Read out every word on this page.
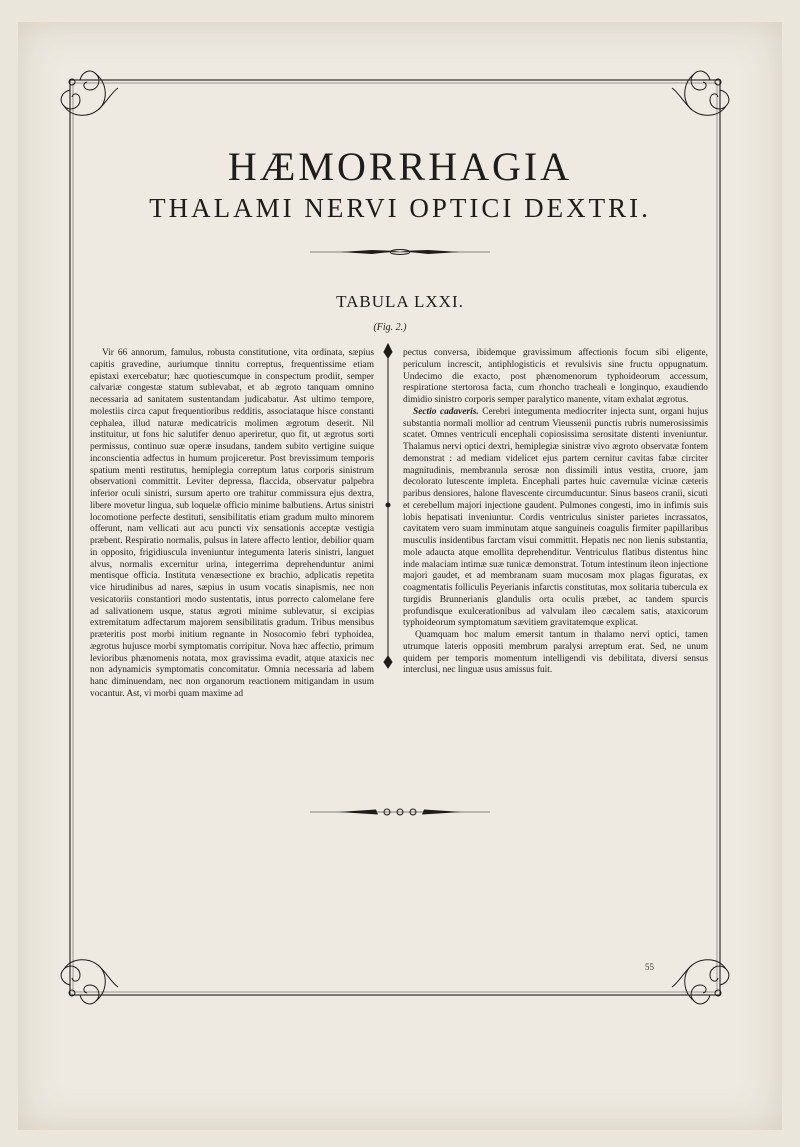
HÆMORRHAGIA
THALAMI NERVI OPTICI DEXTRI.
TABULA LXXI.
(Fig. 2.)

Vir 66 annorum, famulus, robusta constitutione, vita ordinata, sæpius capitis gravedine, auriumque tinnitu correptus, frequentissime etiam epistaxi exercebatur; hæc quotiescumque in conspectum prodiit, semper calvariæ congestæ statum sublevabat, et ab ægroto tanquam omnino necessaria ad sanitatem sustentandam judicabatur. Ast ultimo tempore, molestiis circa caput frequentioribus redditis, associataque hisce constanti cephalea, illud naturæ medicatricis molimen ægrotum deserit. Nil instituitur, ut fons hic salutifer denuo aperiretur, quo fit, ut ægrotus sorti permissus, continuo suæ operæ insudans, tandem subito vertigine suique inconscientia adfectus in humum projiceretur. Post brevissimum temporis spatium menti restitutus, hemiplegia correptum latus corporis sinistrum observationi committit. Leviter depressa, flaccida, observatur palpebra inferior oculi sinistri, sursum aperto ore trahitur commissura ejus dextra, libere movetur lingua, sub loquelæ officio minime balbutiens. Artus sinistri locomotione perfecte destituti, sensibilitatis etiam gradum multo minorem offerunt, nam vellicati aut acu puncti vix sensationis acceptæ vestigia præbent. Respiratio normalis, pulsus in latere affecto lentior, debilior quam in opposito, frigidiuscula inveniuntur integumenta lateris sinistri, languet alvus, normalis excernitur urina, integerrima deprehenduntur animi mentisque officia. Instituta venæsectione ex brachio, adplicatis repetita vice hirudinibus ad nares, sæpius in usum vocatis sinapismis, nec non vesicatoriis constantiori modo sustentatis, intus porrecto calomelane fere ad salivationem usque, status ægroti minime sublevatur, si excipias extremitatum adfectarum majorem sensibilitatis gradum. Tribus mensibus præteritis post morbi initium regnante in Nosocomio febri typhoidea, ægrotus hujusce morbi symptomatis corripitur. Nova hæc affectio, primum levioribus phænomenis notata, mox gravissima evadit, atque ataxicis nec non adynamicis symptomatis concomitatur. Omnia necessaria ad labem hanc diminuendam, nec non organorum reactionem mitigandam in usum vocantur. Ast, vi morbi quam maxime ad

pectus conversa, ibidemque gravissimum affectionis focum sibi eligente, periculum increscit, antiphlogisticis et revulsivis sine fructu oppugnatum. Undecimo die exacto, post phænomenorum typhoideorum accessum, respiratione stertorosa facta, cum rhoncho tracheali e longinquo, exaudiendo dimidio sinistro corporis semper paralytico manente, vitam exhalat ægrotus.

Sectio cadaveris. Cerebri integumenta mediocriter injecta sunt, organi hujus substantia normali mollior ad centrum Vieussenii punctis rubris numerosissimis scatet. Omnes ventriculi encephali copiosissima serositate distenti inveniuntur. Thalamus nervi optici dextri, hemiplegiæ sinistræ vivo ægroto observatæ fontem demonstrat : ad mediam videlicet ejus partem cernitur cavitas fabæ circiter magnitudinis, membranula serosæ non dissimili intus vestita, cruore, jam decolorato lutescente impleta. Encephali partes huic cavernulæ vicinæ cæteris paribus densiores, halone flavescente circumducuntur. Sinus baseos cranii, sicuti et cerebellum majori injectione gaudent. Pulmones congesti, imo in infimis suis lobis hepatisati inveniuntur. Cordis ventriculus sinister parietes incrassatos, cavitatem vero suam imminutam atque sanguineis coagulis firmiter papillaribus musculis insidentibus farctam visui committit. Hepatis nec non lienis substantia, mole adaucta atque emollita deprehenditur. Ventriculus flatibus distentus hinc inde malaciam intimæ suæ tunicæ demonstrat. Totum intestinum ileon injectione majori gaudet, et ad membranam suam mucosam mox plagas figuratas, ex coagmentatis folliculis Peyerianis infarctis constitutas, mox solitaria tubercula ex turgidis Brunnerianis glandulis orta oculis præbet, ac tandem spurcis profundisque exulcerationibus ad valvulam ileo cæcalem satis, ataxicorum typhoideorum symptomatum sævitiem gravitatemque explicat.

Quamquam hoc malum emersit tantum in thalamo nervi optici, tamen utrumque lateris oppositi membrum paralysi arreptum erat. Sed, ne unum quidem per temporis momentum intelligendi vis debilitata, diversi sensus interclusi, nec linguæ usus amissus fuit.

55
